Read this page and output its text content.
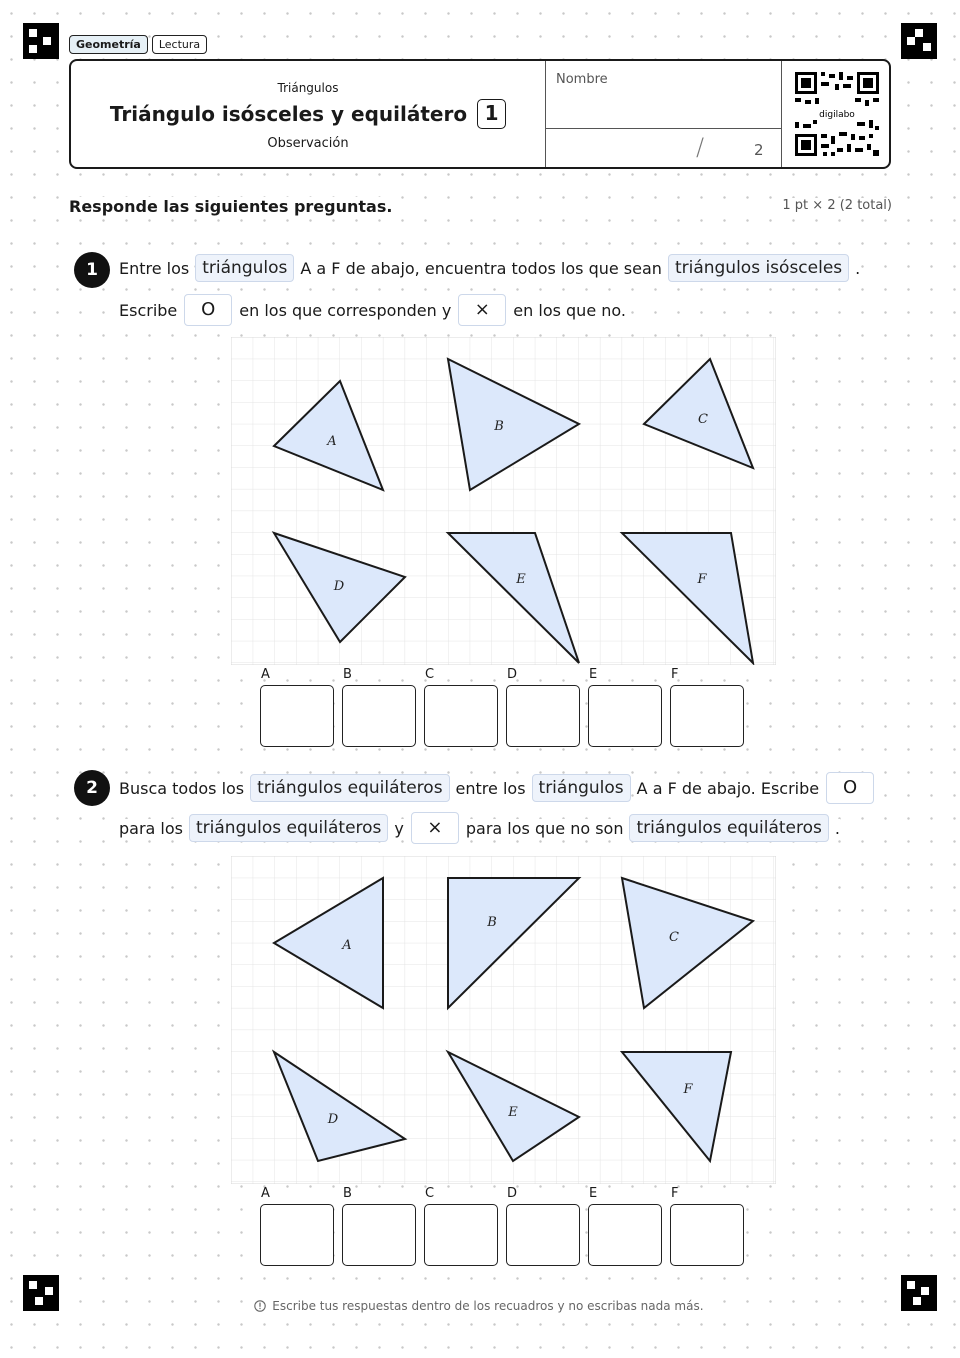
Geometría	Lectura
Triángulos
Triángulo isósceles y equilátero 1
Observación
Nombre
/	2
digilabo
Responde las siguientes preguntas.	1 pt × 2 (2 total)
1	Entre los triángulos A a F de abajo, encuentra todos los que sean triángulos isósceles .
Escribe	O	en los que corresponden y	×	en los que no.
A
B	C
D	E	F
A	B	C	D	E	F
2	Busca todos los triángulos equiláteros entre los triángulos A a F de abajo. Escribe	O
para los triángulos equiláteros y	×	para los que no son triángulos equiláteros .
A
B
C
D	E
F
A	B	C	D	E	F
Escribe tus respuestas dentro de los recuadros y no escribas nada más.
